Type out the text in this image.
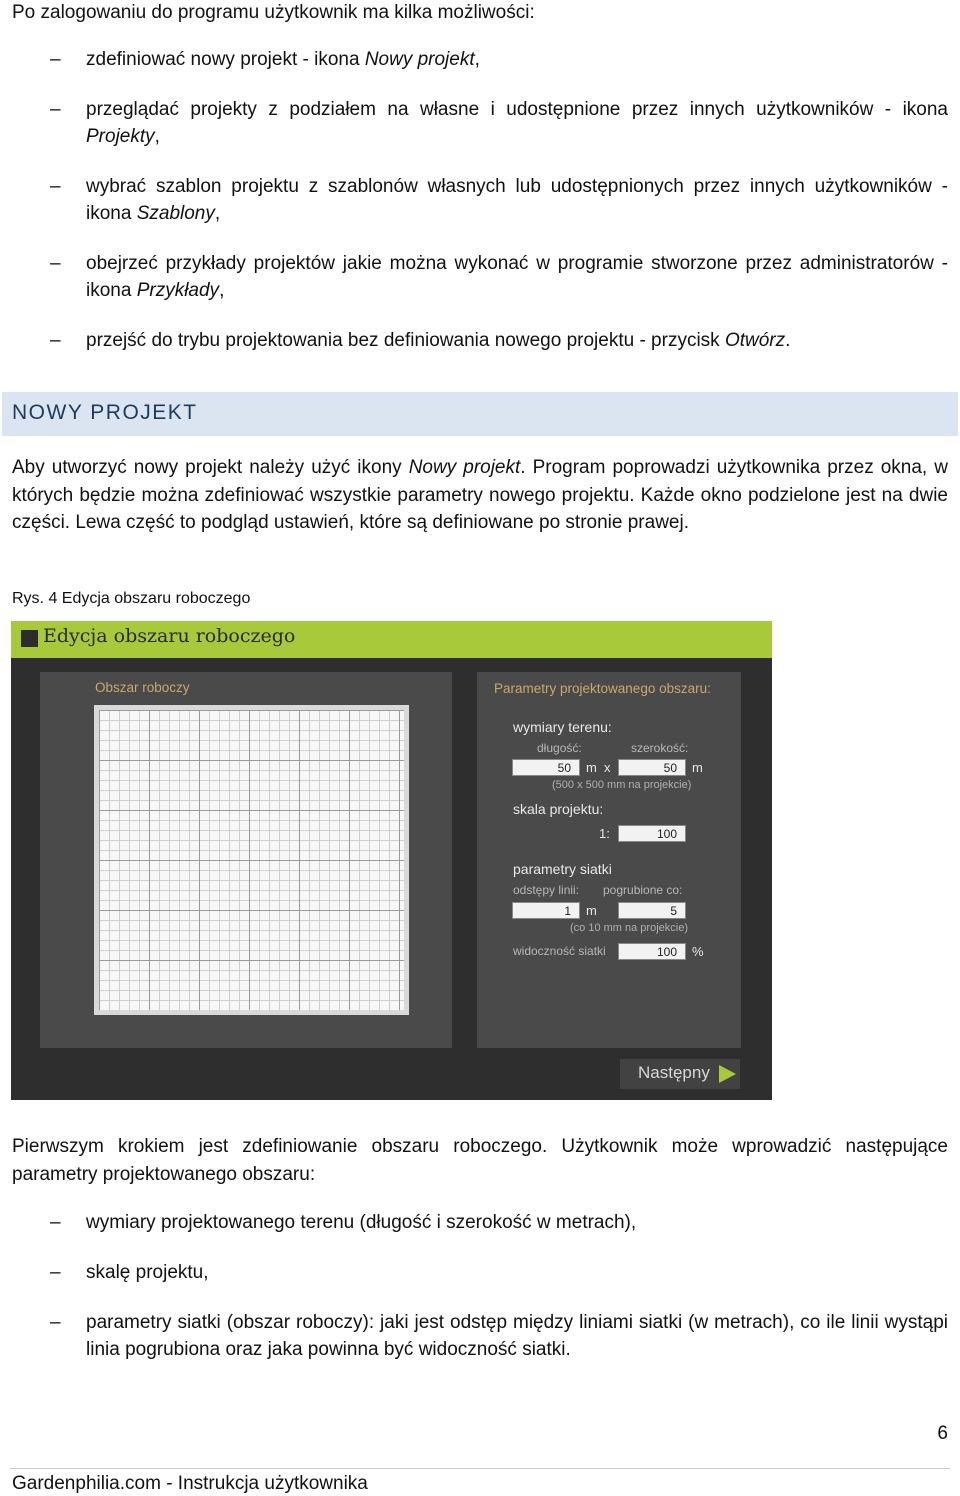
Po zalogowaniu do programu użytkownik ma kilka możliwości:

– zdefiniować nowy projekt - ikona Nowy projekt,
– przeglądać projekty z podziałem na własne i udostępnione przez innych użytkowników - ikona Projekty,
– wybrać szablon projektu z szablonów własnych lub udostępnionych przez innych użytkowników - ikona Szablony,
– obejrzeć przykłady projektów jakie można wykonać w programie stworzone przez administratorów - ikona Przykłady,
– przejść do trybu projektowania bez definiowania nowego projektu - przycisk Otwórz.
NOWY PROJEKT

Aby utworzyć nowy projekt należy użyć ikony Nowy projekt. Program poprowadzi użytkownika przez okna, w których będzie można zdefiniować wszystkie parametry nowego projektu. Każde okno podzielone jest na dwie części. Lewa część to podgląd ustawień, które są definiowane po stronie prawej.

Rys. 4 Edycja obszaru roboczego

Edycja obszaru roboczego
Obszar roboczy	Parametry projektowanego obszaru:
wymiary terenu:
długość:	szerokość:
50	m x	50	m
(500 x 500 mm na projekcie)
skala projektu:
1:	100
parametry siatki
odstępy linii: pogrubione co:
1	m	5
(co 10 mm na projekcie)
widoczność siatki	100	%
Następny

Pierwszym krokiem jest zdefiniowanie obszaru roboczego. Użytkownik może wprowadzić następujące parametry projektowanego obszaru:

– wymiary projektowanego terenu (długość i szerokość w metrach),
– skalę projektu,
– parametry siatki (obszar roboczy): jaki jest odstęp między liniami siatki (w metrach), co ile linii wystąpi linia pogrubiona oraz jaka powinna być widoczność siatki.
6
Gardenphilia.com - Instrukcja użytkownika
